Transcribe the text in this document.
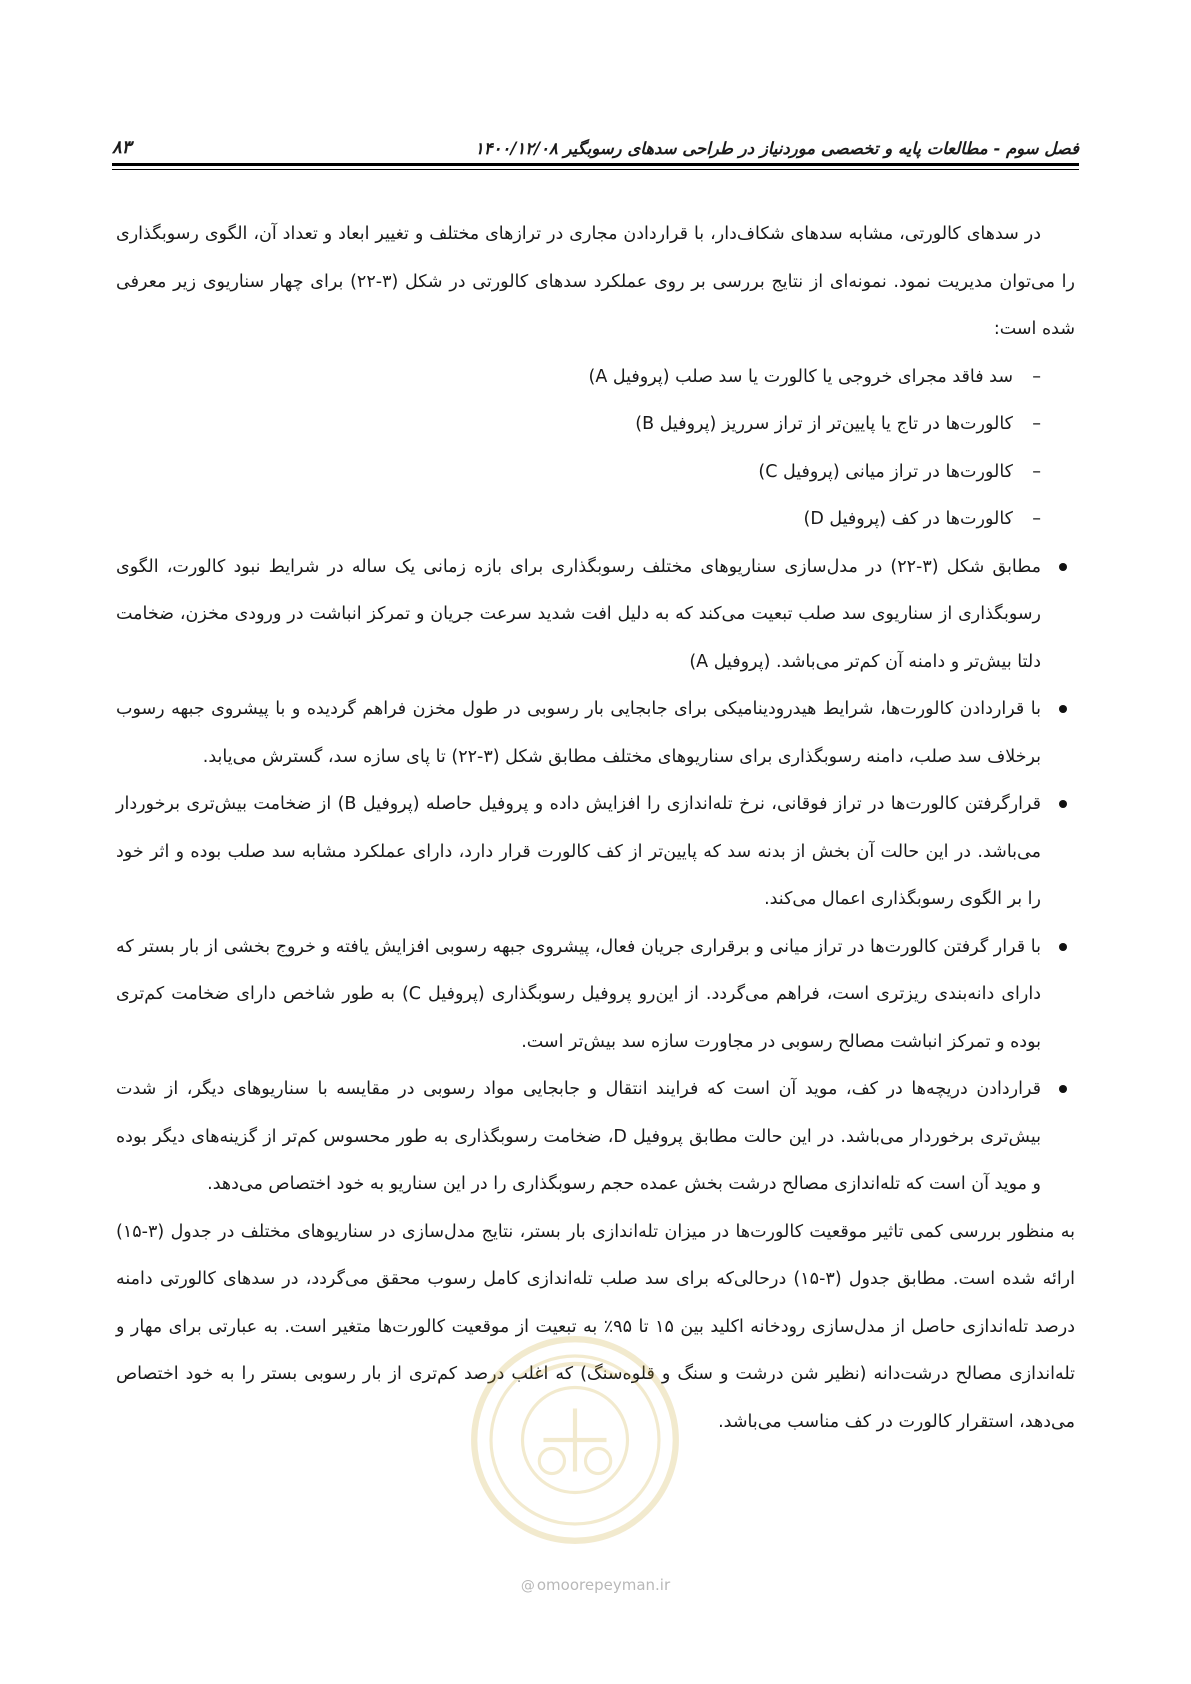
۸۳	فصل سوم - مطالعات پایه و تخصصی موردنیاز در طراحی سدهای رسوبگیر ۱۴۰۰/۱۲/۰۸

در سدهای کالورتی، مشابه سدهای شکاف‌دار، با قراردادن مجاری در ترازهای مختلف و تغییر ابعاد و تعداد آن، الگوی رسوبگذاری را می‌توان مدیریت نمود. نمونه‌ای از نتایج بررسی بر روی عملکرد سدهای کالورتی در شکل (۳-۲۲) برای چهار سناریوی زیر معرفی شده است:

–
سد فاقد مجرای خروجی یا کالورت یا سد صلب (پروفیل A)
–
کالورت‌ها در تاج یا پایین‌تر از تراز سرریز (پروفیل B)
–
کالورت‌ها در تراز میانی (پروفیل C)
–
کالورت‌ها در کف (پروفیل D)
مطابق شکل (۳-۲۲) در مدل‌سازی سناریوهای مختلف رسوبگذاری برای بازه زمانی یک ساله در شرایط نبود کالورت، الگوی رسوبگذاری از سناریوی سد صلب تبعیت می‌کند که به دلیل افت شدید سرعت جریان و تمرکز انباشت در ورودی مخزن، ضخامت دلتا بیش‌تر و دامنه آن کم‌تر می‌باشد. (پروفیل A)
با قراردادن کالورت‌ها، شرایط هیدرودینامیکی برای جابجایی بار رسوبی در طول مخزن فراهم گردیده و با پیشروی جبهه رسوب برخلاف سد صلب، دامنه رسوبگذاری برای سناریوهای مختلف مطابق شکل (۳-۲۲) تا پای سازه سد، گسترش می‌یابد.
قرارگرفتن کالورت‌ها در تراز فوقانی، نرخ تله‌اندازی را افزایش داده و پروفیل حاصله (پروفیل B) از ضخامت بیش‌تری برخوردار می‌باشد. در این حالت آن بخش از بدنه سد که پایین‌تر از کف کالورت قرار دارد، دارای عملکرد مشابه سد صلب بوده و اثر خود را بر الگوی رسوبگذاری اعمال می‌کند.
با قرار گرفتن کالورت‌ها در تراز میانی و برقراری جریان فعال، پیشروی جبهه رسوبی افزایش یافته و خروج بخشی از بار بستر که دارای دانه‌بندی ریزتری است، فراهم می‌گردد. از این‌رو پروفیل رسوبگذاری (پروفیل C) به طور شاخص دارای ضخامت کم‌تری بوده و تمرکز انباشت مصالح رسوبی در مجاورت سازه سد بیش‌تر است.
قراردادن دریچه‌ها در کف، موید آن است که فرایند انتقال و جابجایی مواد رسوبی در مقایسه با سناریوهای دیگر، از شدت بیش‌تری برخوردار می‌باشد. در این حالت مطابق پروفیل D، ضخامت رسوبگذاری به طور محسوس کم‌تر از گزینه‌های دیگر بوده و موید آن است که تله‌اندازی مصالح درشت بخش عمده حجم رسوبگذاری را در این سناریو به خود اختصاص می‌دهد.

به منظور بررسی کمی تاثیر موقعیت کالورت‌ها در میزان تله‌اندازی بار بستر، نتایج مدل‌سازی در سناریوهای مختلف در جدول (۳-۱۵) ارائه شده است. مطابق جدول (۳-۱۵) درحالی‌که برای سد صلب تله‌اندازی کامل رسوب محقق می‌گردد، در سدهای کالورتی دامنه درصد تله‌اندازی حاصل از مدل‌سازی رودخانه اکلید بین ۱۵ تا ۹۵٪ به تبعیت از موقعیت کالورت‌ها متغیر است. به عبارتی برای مهار و تله‌اندازی مصالح درشت‌دانه (نظیر شن درشت و سنگ و قلوه‌سنگ) که اغلب درصد کم‌تری از بار رسوبی بستر را به خود اختصاص می‌دهد، استقرار کالورت در کف مناسب می‌باشد.

@ omoorepeyman.ir
